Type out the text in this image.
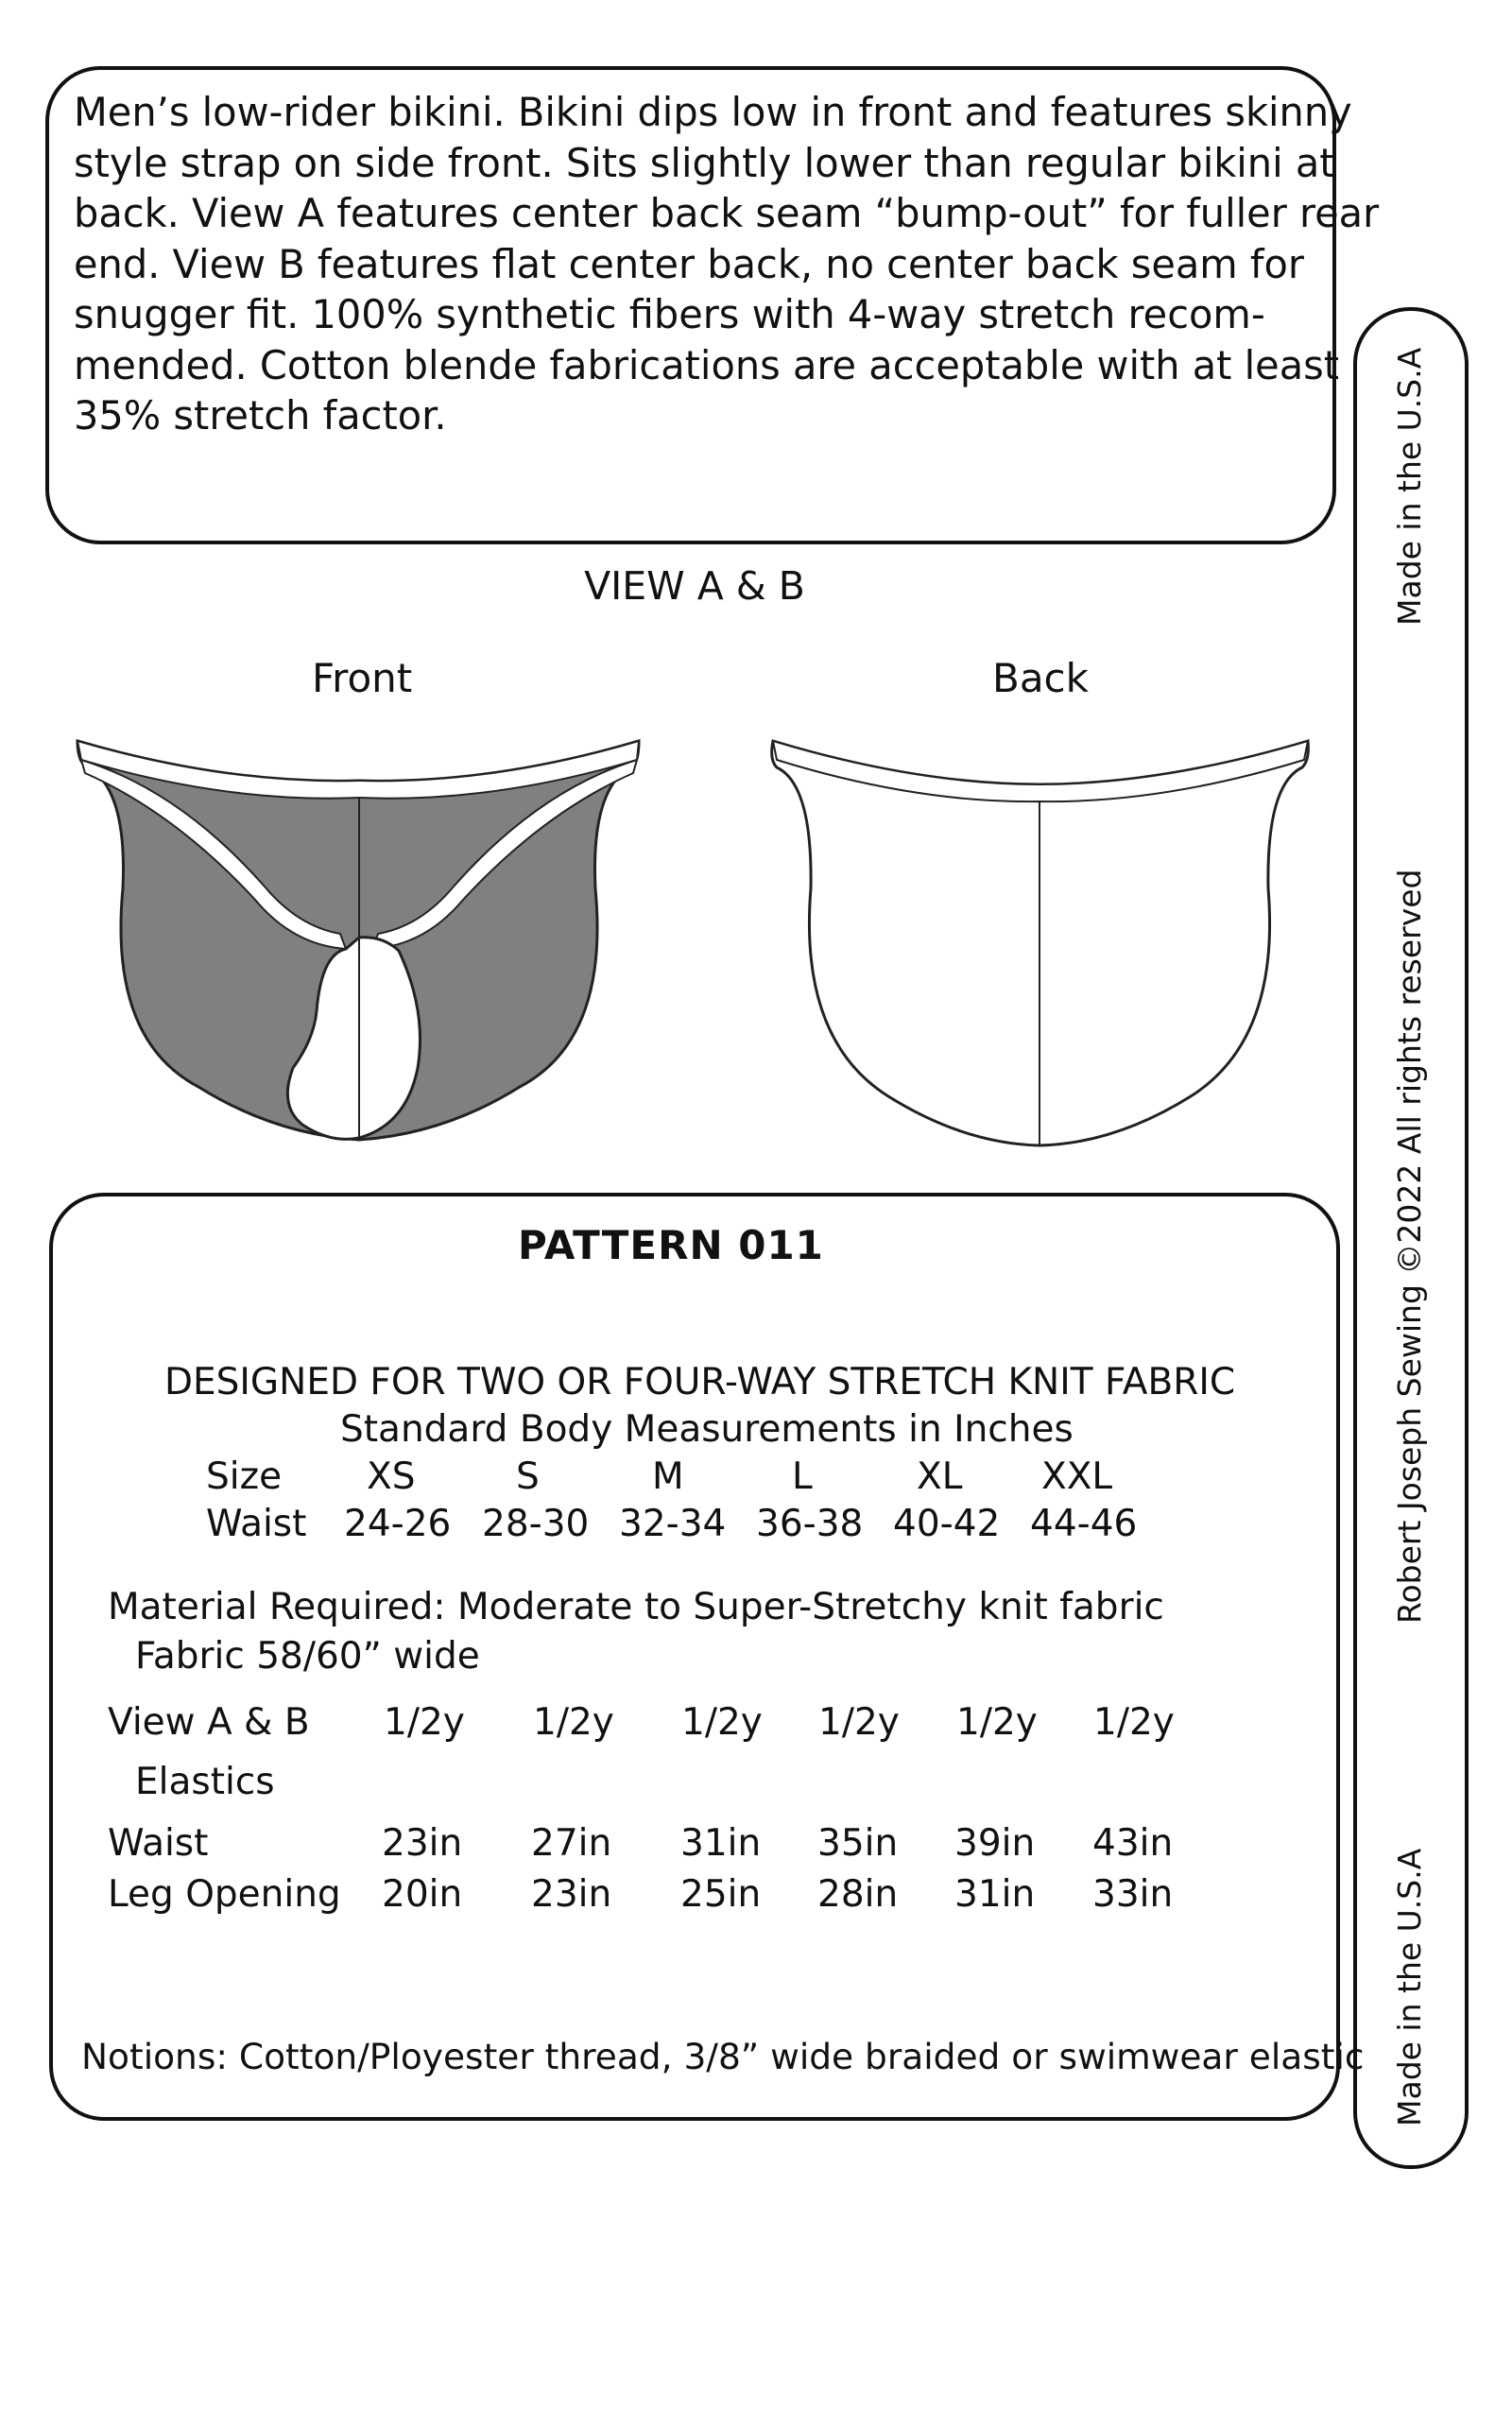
Men’s low-rider bikini. Bikini dips low in front and features skinny
style strap on side front. Sits slightly lower than regular bikini at
back. View A features center back seam “bump-out” for fuller rear
end. View B features flat center back, no center back seam for
snugger fit. 100% synthetic fibers with 4-way stretch recom-
mended. Cotton blende fabrications are acceptable with at least
35% stretch factor.	Made in the U.S.A
Robert Joseph Sewing ©2022 All rights reserved
Made in the U.S.A
VIEW A & B
Front	Back
PATTERN 011
DESIGNED FOR TWO OR FOUR-WAY STRETCH KNIT FABRIC
Standard Body Measurements in Inches
Size XS	S	M	L	XL XXL
Waist 24-26 28-30 32-34 36-38 40-42 44-46
Material Required: Moderate to Super-Stretchy knit fabric
Fabric 58/60” wide
View A & B 1/2y 1/2y 1/2y 1/2y 1/2y 1/2y
Elastics
Waist	23in 27in 31in 35in 39in 43in
Leg Opening 20in 23in 25in 28in 31in 33in
Notions: Cotton/Ployester thread, 3/8” wide braided or swimwear elastic
